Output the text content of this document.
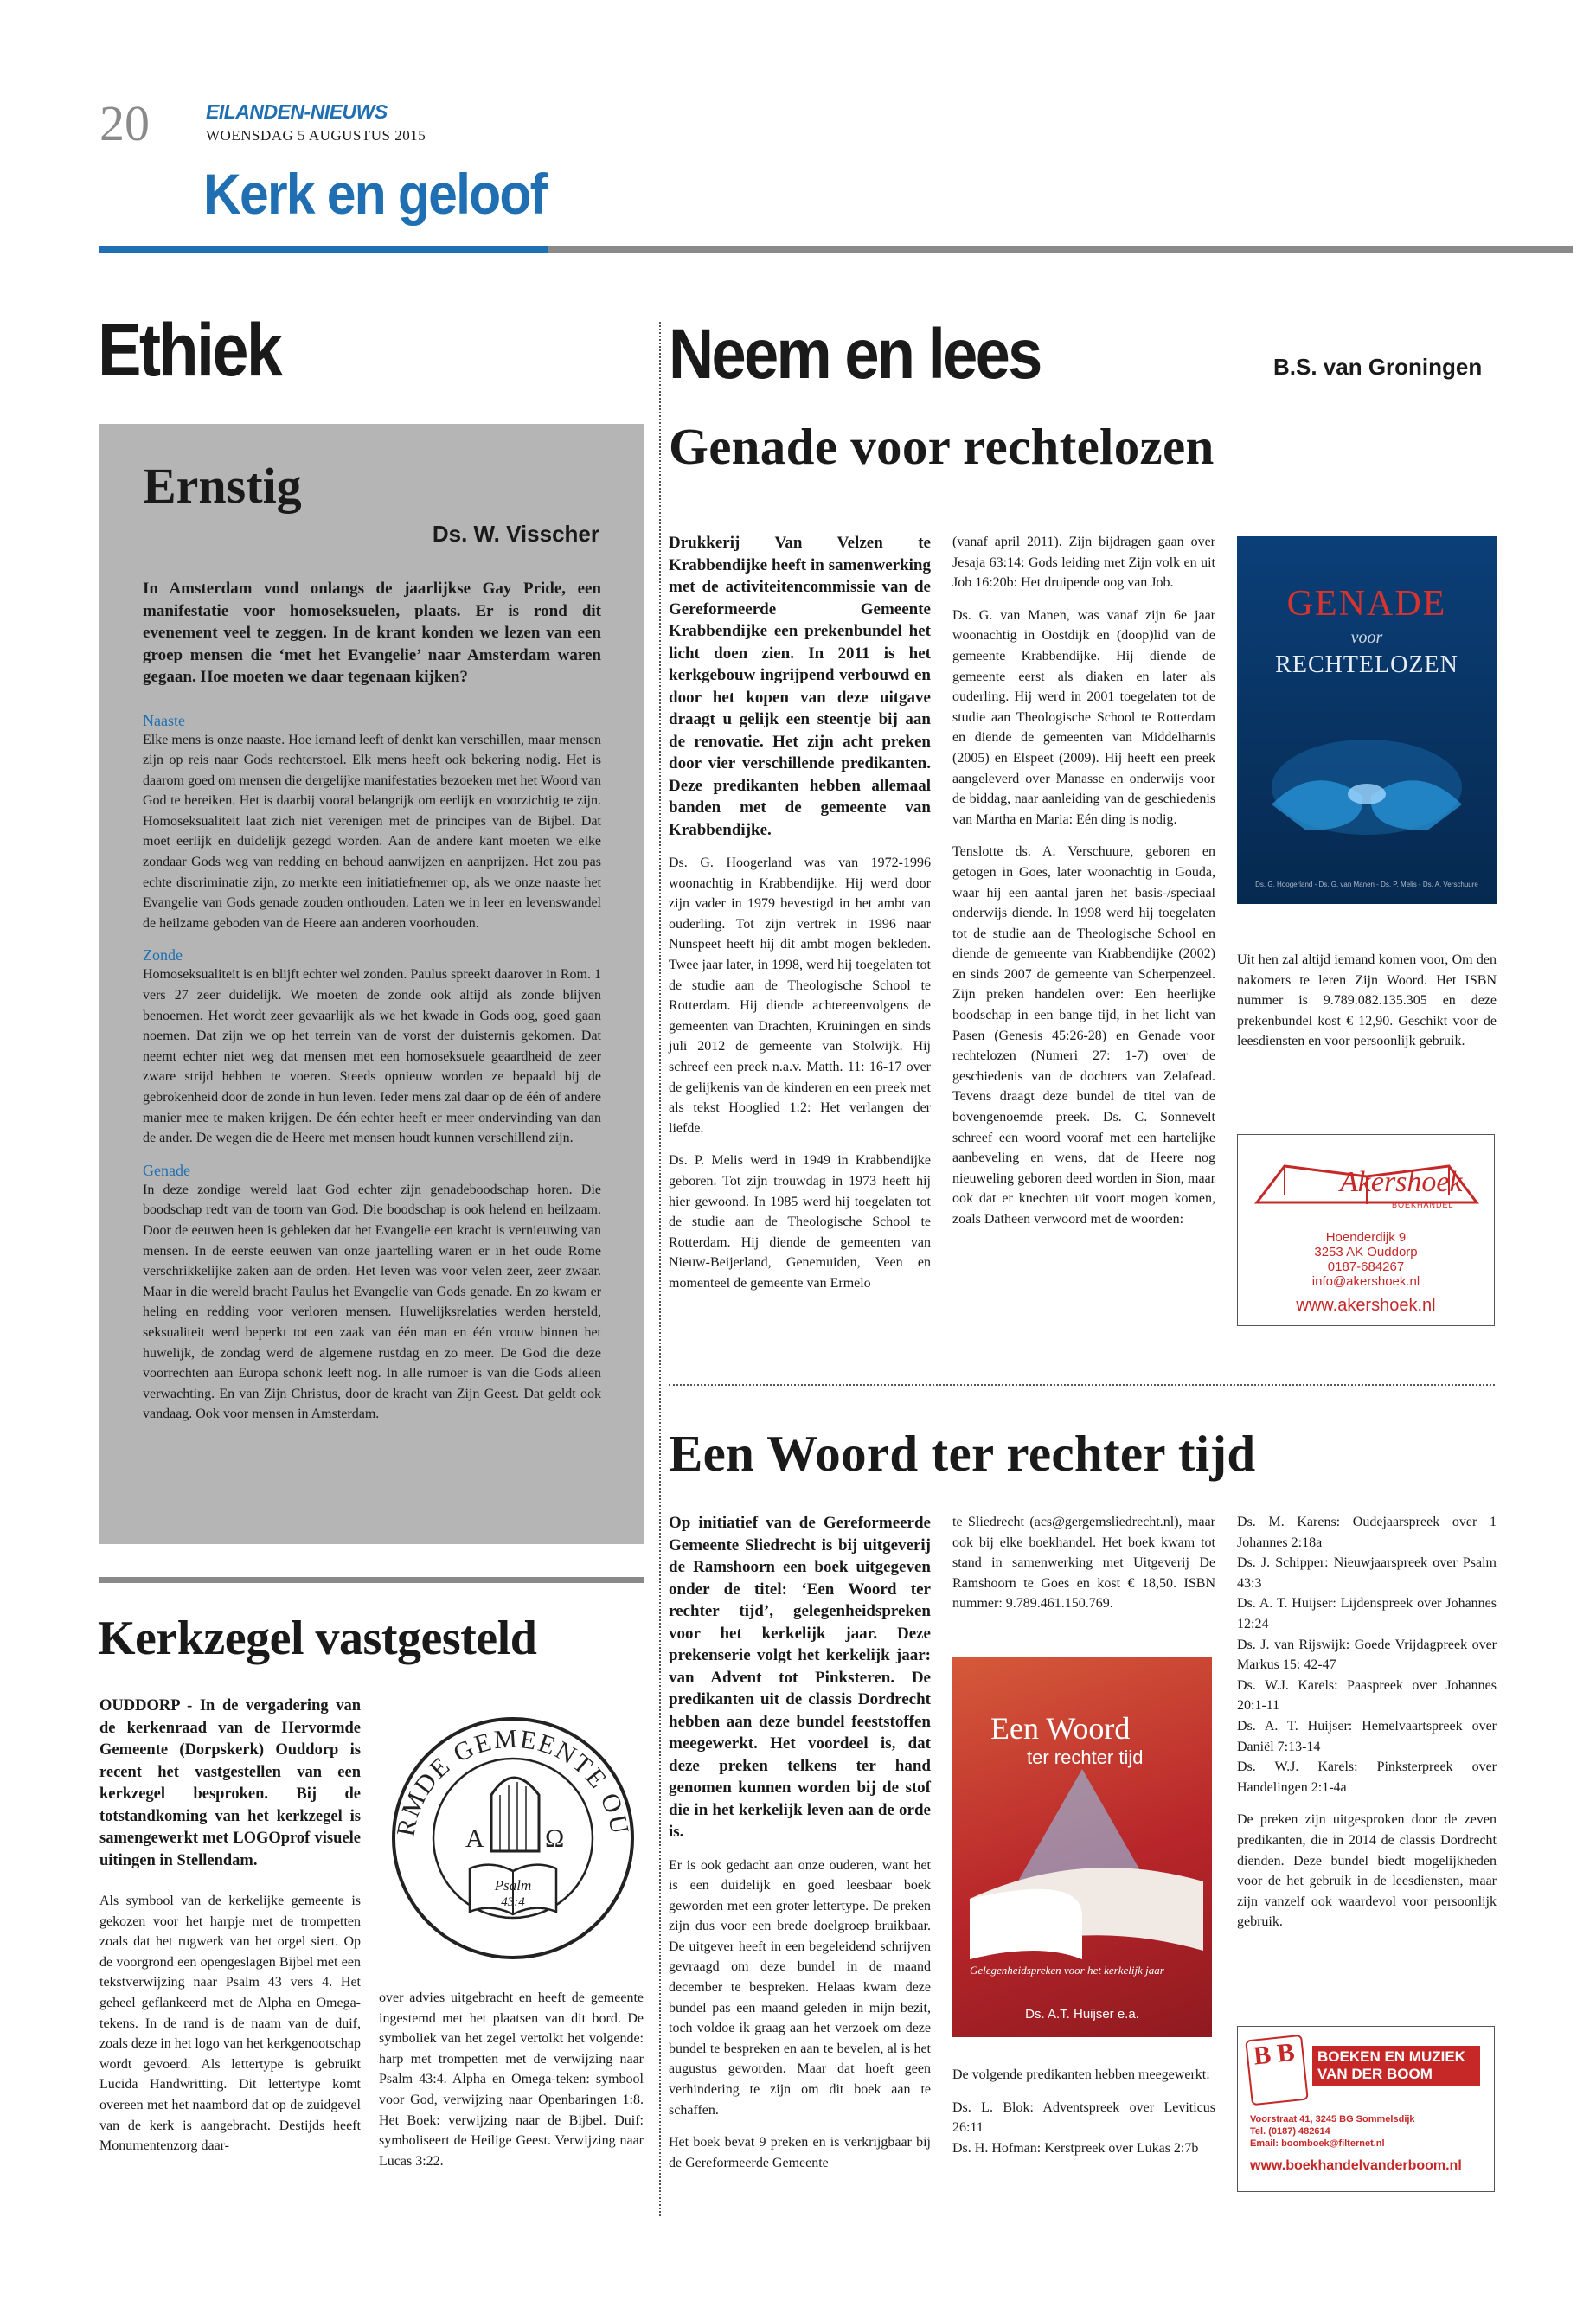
20	EILANDEN-NIEUWS
WOENSDAG 5 AUGUSTUS 2015
Kerk en geloof
Ethiek
Ernstig
Ds. W. Visscher

In Amsterdam vond onlangs de jaarlijkse Gay Pride, een manifestatie voor homoseksuelen, plaats. Er is rond dit evenement veel te zeggen. In de krant konden we lezen van een groep mensen die ‘met het Evangelie’ naar Amsterdam waren gegaan. Hoe moeten we daar tegenaan kijken?

Naaste

Elke mens is onze naaste. Hoe iemand leeft of denkt kan verschillen, maar mensen zijn op reis naar Gods rechterstoel. Elk mens heeft ook bekering nodig. Het is daarom goed om mensen die dergelijke manifestaties bezoeken met het Woord van God te bereiken. Het is daarbij vooral belangrijk om eerlijk en voorzichtig te zijn. Homoseksualiteit laat zich niet verenigen met de principes van de Bijbel. Dat moet eerlijk en duidelijk gezegd worden. Aan de andere kant moeten we elke zondaar Gods weg van redding en behoud aanwijzen en aanprijzen. Het zou pas echte discriminatie zijn, zo merkte een initiatiefnemer op, als we onze naaste het Evangelie van Gods genade zouden onthouden. Laten we in leer en levenswandel de heilzame geboden van de Heere aan anderen voorhouden.

Zonde

Homoseksualiteit is en blijft echter wel zonden. Paulus spreekt daarover in Rom. 1 vers 27 zeer duidelijk. We moeten de zonde ook altijd als zonde blijven benoemen. Het wordt zeer gevaarlijk als we het kwade in Gods oog, goed gaan noemen. Dat zijn we op het terrein van de vorst der duisternis gekomen. Dat neemt echter niet weg dat mensen met een homoseksuele geaardheid de zeer zware strijd hebben te voeren. Steeds opnieuw worden ze bepaald bij de gebrokenheid door de zonde in hun leven. Ieder mens zal daar op de één of andere manier mee te maken krijgen. De één echter heeft er meer ondervinding van dan de ander. De wegen die de Heere met mensen houdt kunnen verschillend zijn.

Genade

In deze zondige wereld laat God echter zijn genadeboodschap horen. Die boodschap redt van de toorn van God. Die boodschap is ook helend en heilzaam. Door de eeuwen heen is gebleken dat het Evangelie een kracht is vernieuwing van mensen. In de eerste eeuwen van onze jaartelling waren er in het oude Rome verschrikkelijke zaken aan de orden. Het leven was voor velen zeer, zeer zwaar. Maar in die wereld bracht Paulus het Evangelie van Gods genade. En zo kwam er heling en redding voor verloren mensen. Huwelijksrelaties werden hersteld, seksualiteit werd beperkt tot een zaak van één man en één vrouw binnen het huwelijk, de zondag werd de algemene rustdag en zo meer. De God die deze voorrechten aan Europa schonk leeft nog. In alle rumoer is van die Gods alleen verwachting. En van Zijn Christus, door de kracht van Zijn Geest. Dat geldt ook vandaag. Ook voor mensen in Amsterdam.

Kerkzegel vastgesteld

OUDDORP - In de vergadering van de kerkenraad van de Hervormde Gemeente (Dorpskerk) Ouddorp is recent het vastgestellen van een kerkzegel besproken. Bij de totstandkoming van het kerkzegel is samengewerkt met LOGOprof visuele uitingen in Stellendam.

Als symbool van de kerkelijke gemeente is gekozen voor het harpje met de trompetten zoals dat het rugwerk van het orgel siert. Op de voorgrond een opengeslagen Bijbel met een tekstverwijzing naar Psalm 43 vers 4. Het geheel geflankeerd met de Alpha en Omega-tekens. In de rand is de naam van de duif, zoals deze in het logo van het kerkgenootschap wordt gevoerd. Als lettertype is gebruikt Lucida Handwritting. Dit lettertype komt overeen met het naambord dat op de zuidgevel van de kerk is aangebracht. Destijds heeft Monumentenzorg daar-

RMDE GEMEENTE OU
A Ω
Psalm
43:4

over advies uitgebracht en heeft de gemeente ingestemd met het plaatsen van dit bord. De symboliek van het zegel vertolkt het volgende: harp met trompetten met de verwijzing naar Psalm 43:4. Alpha en Omega-teken: symbool voor God, verwijzing naar Openbaringen 1:8. Het Boek: verwijzing naar de Bijbel. Duif: symboliseert de Heilige Geest. Verwijzing naar Lucas 3:22.

Neem en lees	B.S. van Groningen
Genade voor rechtelozen

Drukkerij Van Velzen te Krabbendijke heeft in samenwerking met de activiteitencommissie van de Gereformeerde Gemeente Krabbendijke een prekenbundel het licht doen zien. In 2011 is het kerkgebouw ingrijpend verbouwd en door het kopen van deze uitgave draagt u gelijk een steentje bij aan de renovatie. Het zijn acht preken door vier verschillende predikanten. Deze predikanten hebben allemaal banden met de gemeente van Krabbendijke.

Ds. G. Hoogerland was van 1972-1996 woonachtig in Krabbendijke. Hij werd door zijn vader in 1979 bevestigd in het ambt van ouderling. Tot zijn vertrek in 1996 naar Nunspeet heeft hij dit ambt mogen bekleden. Twee jaar later, in 1998, werd hij toegelaten tot de studie aan de Theologische School te Rotterdam. Hij diende achtereenvolgens de gemeenten van Drachten, Kruiningen en sinds juli 2012 de gemeente van Stolwijk. Hij schreef een preek n.a.v. Matth. 11: 16-17 over de gelijkenis van de kinderen en een preek met als tekst Hooglied 1:2: Het verlangen der liefde.

Ds. P. Melis werd in 1949 in Krabbendijke geboren. Tot zijn trouwdag in 1973 heeft hij hier gewoond. In 1985 werd hij toegelaten tot de studie aan de Theologische School te Rotterdam. Hij diende de gemeenten van Nieuw-Beijerland, Genemuiden, Veen en momenteel de gemeente van Ermelo

(vanaf april 2011). Zijn bijdragen gaan over Jesaja 63:14: Gods leiding met Zijn volk en uit Job 16:20b: Het druipende oog van Job.

Ds. G. van Manen, was vanaf zijn 6e jaar woonachtig in Oostdijk en (doop)lid van de gemeente Krabbendijke. Hij diende de gemeente eerst als diaken en later als ouderling. Hij werd in 2001 toegelaten tot de studie aan Theologische School te Rotterdam en diende de gemeenten van Middelharnis (2005) en Elspeet (2009). Hij heeft een preek aangeleverd over Manasse en onderwijs voor de biddag, naar aanleiding van de geschiedenis van Martha en Maria: Eén ding is nodig.

Tenslotte ds. A. Verschuure, geboren en getogen in Goes, later woonachtig in Gouda, waar hij een aantal jaren het basis-/speciaal onderwijs diende. In 1998 werd hij toegelaten tot de studie aan de Theologische School en diende de gemeente van Krabbendijke (2002) en sinds 2007 de gemeente van Scherpenzeel. Zijn preken handelen over: Een heerlijke boodschap in een bange tijd, in het licht van Pasen (Genesis 45:26-28) en Genade voor rechtelozen (Numeri 27: 1-7) over de geschiedenis van de dochters van Zelafead. Tevens draagt deze bundel de titel van de bovengenoemde preek. Ds. C. Sonnevelt schreef een woord vooraf met een hartelijke aanbeveling en wens, dat de Heere nog nieuweling geboren deed worden in Sion, maar ook dat er knechten uit voort mogen komen, zoals Datheen verwoord met de woorden:

GENADE
voor
RECHTELOZEN
Ds. G. Hoogerland - Ds. G. van Manen - Ds. P. Melis - Ds. A. Verschuure

Uit hen zal altijd iemand komen voor, Om den nakomers te leren Zijn Woord. Het ISBN nummer is 9.789.082.135.305 en deze prekenbundel kost € 12,90. Geschikt voor de leesdiensten en voor persoonlijk gebruik.

Akershoek
BOEKHANDEL
Hoenderdijk 9
3253 AK Ouddorp
0187-684267
info@akershoek.nl
www.akershoek.nl
Een Woord ter rechter tijd

Op initiatief van de Gereformeerde Gemeente Sliedrecht is bij uitgeverij de Ramshoorn een boek uitgegeven onder de titel: ‘Een Woord ter rechter tijd’, gelegenheidspreken voor het kerkelijk jaar. Deze prekenserie volgt het kerkelijk jaar: van Advent tot Pinksteren. De predikanten uit de classis Dordrecht hebben aan deze bundel feeststoffen meegewerkt. Het voordeel is, dat deze preken telkens ter hand genomen kunnen worden bij de stof die in het kerkelijk leven aan de orde is.

Er is ook gedacht aan onze ouderen, want het is een duidelijk en goed leesbaar boek geworden met een groter lettertype. De preken zijn dus voor een brede doelgroep bruikbaar. De uitgever heeft in een begeleidend schrijven gevraagd om deze bundel in de maand december te bespreken. Helaas kwam deze bundel pas een maand geleden in mijn bezit, toch voldoe ik graag aan het verzoek om deze bundel te bespreken en aan te bevelen, al is het augustus geworden. Maar dat hoeft geen verhindering te zijn om dit boek aan te schaffen.

Het boek bevat 9 preken en is verkrijgbaar bij de Gereformeerde Gemeente

te Sliedrecht (acs@gergemsliedrecht.nl), maar ook bij elke boekhandel. Het boek kwam tot stand in samenwerking met Uitgeverij De Ramshoorn te Goes en kost € 18,50. ISBN nummer: 9.789.461.150.769.

Een Woord
ter rechter tijd
Gelegenheidspreken voor het kerkelijk jaar
Ds. A.T. Huijser e.a.

De volgende predikanten hebben meegewerkt:

Ds. L. Blok: Adventspreek over Leviticus 26:11

Ds. H. Hofman: Kerstpreek over Lukas 2:7b

Ds. M. Karens: Oudejaarspreek over 1 Johannes 2:18a

Ds. J. Schipper: Nieuwjaarspreek over Psalm 43:3

Ds. A. T. Huijser: Lijdenspreek over Johannes 12:24

Ds. J. van Rijswijk: Goede Vrijdagpreek over Markus 15: 42-47

Ds. W.J. Karels: Paaspreek over Johannes 20:1-11

Ds. A. T. Huijser: Hemelvaartspreek over Daniël 7:13-14

Ds. W.J. Karels: Pinksterpreek over Handelingen 2:1-4a

De preken zijn uitgesproken door de zeven predikanten, die in 2014 de classis Dordrecht dienden. Deze bundel biedt mogelijkheden voor de het gebruik in de leesdiensten, maar zijn vanzelf ook waardevol voor persoonlijk gebruik.

B B BOEKEN EN MUZIEK
VAN DER BOOM
Voorstraat 41, 3245 BG Sommelsdijk
Tel. (0187) 482614
Email: boomboek@filternet.nl
www.boekhandelvanderboom.nl
